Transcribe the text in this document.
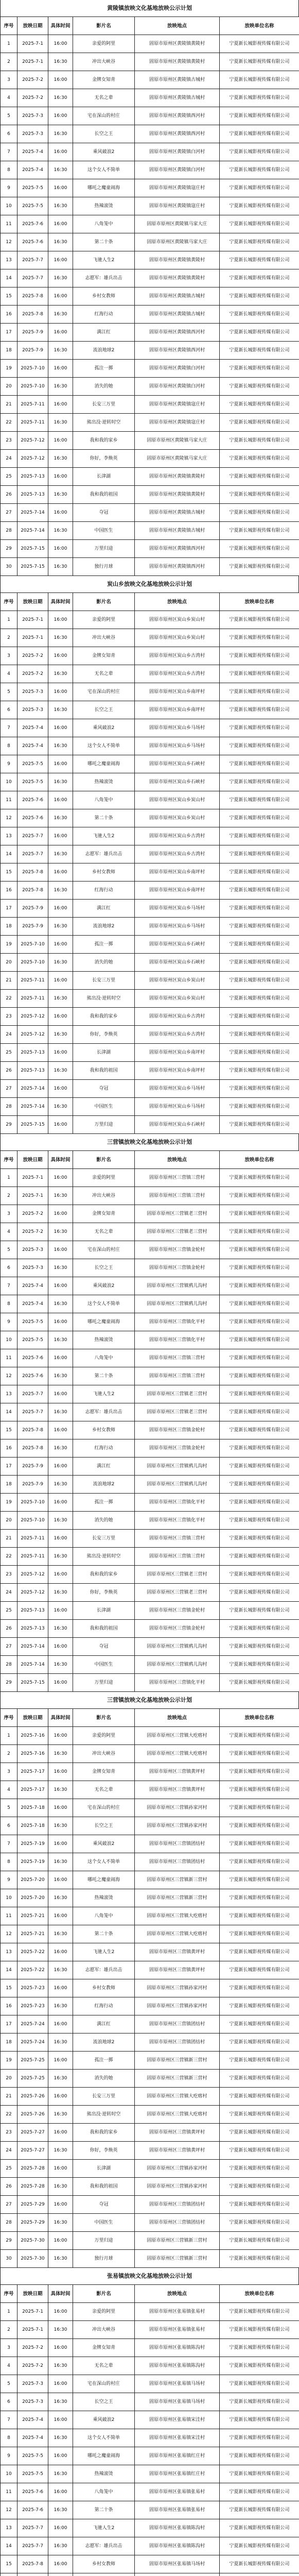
黄陵镇放映文化基地放映公示计划
序号	放映日期	具体时间	影片名	放映地点	放映单位名称
1	2025-7-1	16:00	亲爱的阿里	固原市原州区黄陵镇黄陵村	宁夏新长城影视传媒有限公司
2	2025-7-1	16:30	冲出大峡谷	固原市原州区黄陵镇黄陵村	宁夏新长城影视传媒有限公司
3	2025-7-2	16:00	金牌女知青	固原市原州区黄陵镇古城村	宁夏新长城影视传媒有限公司
4	2025-7-2	16:30	无名之辈	固原市原州区黄陵镇古城村	宁夏新长城影视传媒有限公司
5	2025-7-3	16:00	宅在深山的村庄	固原市原州区黄陵镇西河村	宁夏新长城影视传媒有限公司
6	2025-7-3	16:30	长空之王	固原市原州区黄陵镇西河村	宁夏新长城影视传媒有限公司
7	2025-7-4	16:00	乘风破浪2	固原市原州区黄陵镇白河村	宁夏新长城影视传媒有限公司
8	2025-7-4	16:30	这个女人不简单	固原市原州区黄陵镇白河村	宁夏新长城影视传媒有限公司
9	2025-7-5	16:00	哪吒之魔童闹海	固原市原州区黄陵镇寇庄村	宁夏新长城影视传媒有限公司
10	2025-7-5	16:30	热辣滚烫	固原市原州区黄陵镇寇庄村	宁夏新长城影视传媒有限公司
11	2025-7-6	16:00	八角笼中	固原市原州区黄陵镇马家大庄	宁夏新长城影视传媒有限公司
12	2025-7-6	16:30	第二十条	固原市原州区黄陵镇马家大庄	宁夏新长城影视传媒有限公司
13	2025-7-7	16:00	飞驰人生2	固原市原州区黄陵镇黄陵村	宁夏新长城影视传媒有限公司
14	2025-7-7	16:30	志愿军：雄兵出击	固原市原州区黄陵镇黄陵村	宁夏新长城影视传媒有限公司
15	2025-7-8	16:00	乡村女教师	固原市原州区黄陵镇古城村	宁夏新长城影视传媒有限公司
16	2025-7-8	16:30	红海行动	固原市原州区黄陵镇古城村	宁夏新长城影视传媒有限公司
17	2025-7-9	16:00	满江红	固原市原州区黄陵镇西河村	宁夏新长城影视传媒有限公司
18	2025-7-9	16:30	流浪地球2	固原市原州区黄陵镇西河村	宁夏新长城影视传媒有限公司
19	2025-7-10	16:00	孤注一掷	固原市原州区黄陵镇白河村	宁夏新长城影视传媒有限公司
20	2025-7-10	16:30	消失的她	固原市原州区黄陵镇白河村	宁夏新长城影视传媒有限公司
21	2025-7-11	16:00	长安三万里	固原市原州区黄陵镇寇庄村	宁夏新长城影视传媒有限公司
22	2025-7-11	16:30	熊出没·逆转时空	固原市原州区黄陵镇寇庄村	宁夏新长城影视传媒有限公司
23	2025-7-12	16:00	我和我的家乡	固原市原州区黄陵镇马家大庄	宁夏新长城影视传媒有限公司
24	2025-7-12	16:30	你好，李焕英	固原市原州区黄陵镇马家大庄	宁夏新长城影视传媒有限公司
25	2025-7-13	16:00	长津湖	固原市原州区黄陵镇黄陵村	宁夏新长城影视传媒有限公司
26	2025-7-13	16:30	我和我的祖国	固原市原州区黄陵镇黄陵村	宁夏新长城影视传媒有限公司
27	2025-7-14	16:00	夺冠	固原市原州区黄陵镇古城村	宁夏新长城影视传媒有限公司
28	2025-7-14	16:30	中国医生	固原市原州区黄陵镇古城村	宁夏新长城影视传媒有限公司
29	2025-7-15	16:00	万里归途	固原市原州区黄陵镇西河村	宁夏新长城影视传媒有限公司
30	2025-7-15	16:30	独行月球	固原市原州区黄陵镇西河村	宁夏新长城影视传媒有限公司
炭山乡放映文化基地放映公示计划
序号	放映日期	具体时间	影片名	放映地点	放映单位名称
1	2025-7-1	16:00	亲爱的阿里	固原市原州区炭山乡炭山村	宁夏新长城影视传媒有限公司
2	2025-7-1	16:30	冲出大峡谷	固原市原州区炭山乡炭山村	宁夏新长城影视传媒有限公司
3	2025-7-2	16:00	金牌女知青	固原市原州区炭山乡古湾村	宁夏新长城影视传媒有限公司
4	2025-7-2	16:30	无名之辈	固原市原州区炭山乡古湾村	宁夏新长城影视传媒有限公司
5	2025-7-3	16:00	宅在深山的村庄	固原市原州区炭山乡南坪村	宁夏新长城影视传媒有限公司
6	2025-7-3	16:30	长空之王	固原市原州区炭山乡南坪村	宁夏新长城影视传媒有限公司
7	2025-7-4	16:00	乘风破浪2	固原市原州区炭山乡马场村	宁夏新长城影视传媒有限公司
8	2025-7-4	16:30	这个女人不简单	固原市原州区炭山乡马场村	宁夏新长城影视传媒有限公司
9	2025-7-5	16:00	哪吒之魔童闹海	固原市原州区炭山乡石峡村	宁夏新长城影视传媒有限公司
10	2025-7-5	16:30	热辣滚烫	固原市原州区炭山乡石峡村	宁夏新长城影视传媒有限公司
11	2025-7-6	16:00	八角笼中	固原市原州区炭山乡炭山村	宁夏新长城影视传媒有限公司
12	2025-7-6	16:30	第二十条	固原市原州区炭山乡炭山村	宁夏新长城影视传媒有限公司
13	2025-7-7	16:00	飞驰人生2	固原市原州区炭山乡古湾村	宁夏新长城影视传媒有限公司
14	2025-7-7	16:30	志愿军：雄兵出击	固原市原州区炭山乡古湾村	宁夏新长城影视传媒有限公司
15	2025-7-8	16:00	乡村女教师	固原市原州区炭山乡南坪村	宁夏新长城影视传媒有限公司
16	2025-7-8	16:30	红海行动	固原市原州区炭山乡南坪村	宁夏新长城影视传媒有限公司
17	2025-7-9	16:00	满江红	固原市原州区炭山乡马场村	宁夏新长城影视传媒有限公司
18	2025-7-9	16:30	流浪地球2	固原市原州区炭山乡马场村	宁夏新长城影视传媒有限公司
19	2025-7-10	16:00	孤注一掷	固原市原州区炭山乡石峡村	宁夏新长城影视传媒有限公司
20	2025-7-10	16:30	消失的她	固原市原州区炭山乡石峡村	宁夏新长城影视传媒有限公司
21	2025-7-11	16:00	长安三万里	固原市原州区炭山乡炭山村	宁夏新长城影视传媒有限公司
22	2025-7-11	16:30	熊出没·逆转时空	固原市原州区炭山乡炭山村	宁夏新长城影视传媒有限公司
23	2025-7-12	16:00	我和我的家乡	固原市原州区炭山乡古湾村	宁夏新长城影视传媒有限公司
24	2025-7-12	16:30	你好，李焕英	固原市原州区炭山乡古湾村	宁夏新长城影视传媒有限公司
25	2025-7-13	16:00	长津湖	固原市原州区炭山乡南坪村	宁夏新长城影视传媒有限公司
26	2025-7-13	16:30	我和我的祖国	固原市原州区炭山乡南坪村	宁夏新长城影视传媒有限公司
27	2025-7-14	16:00	夺冠	固原市原州区炭山乡马场村	宁夏新长城影视传媒有限公司
28	2025-7-14	16:30	中国医生	固原市原州区炭山乡马场村	宁夏新长城影视传媒有限公司
29	2025-7-15	16:00	万里归途	固原市原州区炭山乡石峡村	宁夏新长城影视传媒有限公司
三营镇放映文化基地放映公示计划
序号	放映日期	具体时间	影片名	放映地点	放映单位名称
1	2025-7-1	16:00	亲爱的阿里	固原市原州区三营镇三营村	宁夏新长城影视传媒有限公司
2	2025-7-1	16:30	冲出大峡谷	固原市原州区三营镇三营村	宁夏新长城影视传媒有限公司
3	2025-7-2	16:00	金牌女知青	固原市原州区三营镇老三营村	宁夏新长城影视传媒有限公司
4	2025-7-2	16:30	无名之辈	固原市原州区三营镇老三营村	宁夏新长城影视传媒有限公司
5	2025-7-3	16:00	宅在深山的村庄	固原市原州区三营镇金轮村	宁夏新长城影视传媒有限公司
6	2025-7-3	16:30	长空之王	固原市原州区三营镇金轮村	宁夏新长城影视传媒有限公司
7	2025-7-4	16:00	乘风破浪2	固原市原州区三营镇鸦儿沟村	宁夏新长城影视传媒有限公司
8	2025-7-4	16:30	这个女人不简单	固原市原州区三营镇鸦儿沟村	宁夏新长城影视传媒有限公司
9	2025-7-5	16:00	哪吒之魔童闹海	固原市原州区三营镇化平村	宁夏新长城影视传媒有限公司
10	2025-7-5	16:30	热辣滚烫	固原市原州区三营镇化平村	宁夏新长城影视传媒有限公司
11	2025-7-6	16:00	八角笼中	固原市原州区三营镇三营村	宁夏新长城影视传媒有限公司
12	2025-7-6	16:30	第二十条	固原市原州区三营镇三营村	宁夏新长城影视传媒有限公司
13	2025-7-7	16:00	飞驰人生2	固原市原州区三营镇老三营村	宁夏新长城影视传媒有限公司
14	2025-7-7	16:30	志愿军：雄兵出击	固原市原州区三营镇老三营村	宁夏新长城影视传媒有限公司
15	2025-7-8	16:00	乡村女教师	固原市原州区三营镇金轮村	宁夏新长城影视传媒有限公司
16	2025-7-8	16:30	红海行动	固原市原州区三营镇金轮村	宁夏新长城影视传媒有限公司
17	2025-7-9	16:00	满江红	固原市原州区三营镇鸦儿沟村	宁夏新长城影视传媒有限公司
18	2025-7-9	16:30	流浪地球2	固原市原州区三营镇鸦儿沟村	宁夏新长城影视传媒有限公司
19	2025-7-10	16:00	孤注一掷	固原市原州区三营镇化平村	宁夏新长城影视传媒有限公司
20	2025-7-10	16:30	消失的她	固原市原州区三营镇化平村	宁夏新长城影视传媒有限公司
21	2025-7-11	16:00	长安三万里	固原市原州区三营镇三营村	宁夏新长城影视传媒有限公司
22	2025-7-11	16:30	熊出没·逆转时空	固原市原州区三营镇三营村	宁夏新长城影视传媒有限公司
23	2025-7-12	16:00	我和我的家乡	固原市原州区三营镇老三营村	宁夏新长城影视传媒有限公司
24	2025-7-12	16:30	你好，李焕英	固原市原州区三营镇老三营村	宁夏新长城影视传媒有限公司
25	2025-7-13	16:00	长津湖	固原市原州区三营镇金轮村	宁夏新长城影视传媒有限公司
26	2025-7-13	16:30	我和我的祖国	固原市原州区三营镇金轮村	宁夏新长城影视传媒有限公司
27	2025-7-14	16:00	夺冠	固原市原州区三营镇鸦儿沟村	宁夏新长城影视传媒有限公司
28	2025-7-14	16:30	中国医生	固原市原州区三营镇鸦儿沟村	宁夏新长城影视传媒有限公司
29	2025-7-15	16:00	万里归途	固原市原州区三营镇化平村	宁夏新长城影视传媒有限公司
三营镇放映文化基地放映公示计划
序号	放映日期	具体时间	影片名	放映地点	放映单位名称
1	2025-7-16	16:00	亲爱的阿里	固原市原州区三营镇大疙瘩村	宁夏新长城影视传媒有限公司
2	2025-7-16	16:30	冲出大峡谷	固原市原州区三营镇大疙瘩村	宁夏新长城影视传媒有限公司
3	2025-7-17	16:00	金牌女知青	固原市原州区三营镇黄坪村	宁夏新长城影视传媒有限公司
4	2025-7-17	16:30	无名之辈	固原市原州区三营镇黄坪村	宁夏新长城影视传媒有限公司
5	2025-7-18	16:00	宅在深山的村庄	固原市原州区三营镇孙家河村	宁夏新长城影视传媒有限公司
6	2025-7-18	16:30	长空之王	固原市原州区三营镇孙家河村	宁夏新长城影视传媒有限公司
7	2025-7-19	16:00	乘风破浪2	固原市原州区三营镇团结村	宁夏新长城影视传媒有限公司
8	2025-7-19	16:30	这个女人不简单	固原市原州区三营镇团结村	宁夏新长城影视传媒有限公司
9	2025-7-20	16:00	哪吒之魔童闹海	固原市原州区三营镇新三营村	宁夏新长城影视传媒有限公司
10	2025-7-20	16:30	热辣滚烫	固原市原州区三营镇新三营村	宁夏新长城影视传媒有限公司
11	2025-7-21	16:00	八角笼中	固原市原州区三营镇大疙瘩村	宁夏新长城影视传媒有限公司
12	2025-7-21	16:30	第二十条	固原市原州区三营镇大疙瘩村	宁夏新长城影视传媒有限公司
13	2025-7-22	16:00	飞驰人生2	固原市原州区三营镇黄坪村	宁夏新长城影视传媒有限公司
14	2025-7-22	16:30	志愿军：雄兵出击	固原市原州区三营镇黄坪村	宁夏新长城影视传媒有限公司
15	2025-7-23	16:00	乡村女教师	固原市原州区三营镇孙家河村	宁夏新长城影视传媒有限公司
16	2025-7-23	16:30	红海行动	固原市原州区三营镇孙家河村	宁夏新长城影视传媒有限公司
17	2025-7-24	16:00	满江红	固原市原州区三营镇团结村	宁夏新长城影视传媒有限公司
18	2025-7-24	16:30	流浪地球2	固原市原州区三营镇团结村	宁夏新长城影视传媒有限公司
19	2025-7-25	16:00	孤注一掷	固原市原州区三营镇新三营村	宁夏新长城影视传媒有限公司
20	2025-7-25	16:30	消失的她	固原市原州区三营镇新三营村	宁夏新长城影视传媒有限公司
21	2025-7-26	16:00	长安三万里	固原市原州区三营镇大疙瘩村	宁夏新长城影视传媒有限公司
22	2025-7-26	16:30	熊出没·逆转时空	固原市原州区三营镇大疙瘩村	宁夏新长城影视传媒有限公司
23	2025-7-27	16:00	我和我的家乡	固原市原州区三营镇黄坪村	宁夏新长城影视传媒有限公司
24	2025-7-27	16:30	你好，李焕英	固原市原州区三营镇黄坪村	宁夏新长城影视传媒有限公司
25	2025-7-28	16:00	长津湖	固原市原州区三营镇孙家河村	宁夏新长城影视传媒有限公司
26	2025-7-28	16:30	我和我的祖国	固原市原州区三营镇孙家河村	宁夏新长城影视传媒有限公司
27	2025-7-29	16:00	夺冠	固原市原州区三营镇团结村	宁夏新长城影视传媒有限公司
28	2025-7-29	16:30	中国医生	固原市原州区三营镇团结村	宁夏新长城影视传媒有限公司
29	2025-7-30	16:00	万里归途	固原市原州区三营镇新三营村	宁夏新长城影视传媒有限公司
30	2025-7-30	16:30	独行月球	固原市原州区三营镇新三营村	宁夏新长城影视传媒有限公司
张易镇放映文化基地放映公示计划
序号	放映日期	具体时间	影片名	放映地点	放映单位名称
1	2025-7-1	16:00	亲爱的阿里	固原市原州区张易镇张易村	宁夏新长城影视传媒有限公司
2	2025-7-1	16:30	冲出大峡谷	固原市原州区张易镇张易村	宁夏新长城影视传媒有限公司
3	2025-7-2	16:00	金牌女知青	固原市原州区张易镇陈沟村	宁夏新长城影视传媒有限公司
4	2025-7-2	16:30	无名之辈	固原市原州区张易镇陈沟村	宁夏新长城影视传媒有限公司
5	2025-7-3	16:00	宅在深山的村庄	固原市原州区张易镇马场村	宁夏新长城影视传媒有限公司
6	2025-7-3	16:30	长空之王	固原市原州区张易镇马场村	宁夏新长城影视传媒有限公司
7	2025-7-4	16:00	乘风破浪2	固原市原州区张易镇宋洼村	宁夏新长城影视传媒有限公司
8	2025-7-4	16:30	这个女人不简单	固原市原州区张易镇宋洼村	宁夏新长城影视传媒有限公司
9	2025-7-5	16:00	哪吒之魔童闹海	固原市原州区张易镇红庄村	宁夏新长城影视传媒有限公司
10	2025-7-5	16:30	热辣滚烫	固原市原州区张易镇红庄村	宁夏新长城影视传媒有限公司
11	2025-7-6	16:00	八角笼中	固原市原州区张易镇张易村	宁夏新长城影视传媒有限公司
12	2025-7-6	16:30	第二十条	固原市原州区张易镇张易村	宁夏新长城影视传媒有限公司
13	2025-7-7	16:00	飞驰人生2	固原市原州区张易镇陈沟村	宁夏新长城影视传媒有限公司
14	2025-7-7	16:30	志愿军：雄兵出击	固原市原州区张易镇陈沟村	宁夏新长城影视传媒有限公司
15	2025-7-8	16:00	乡村女教师	固原市原州区张易镇马场村	宁夏新长城影视传媒有限公司
